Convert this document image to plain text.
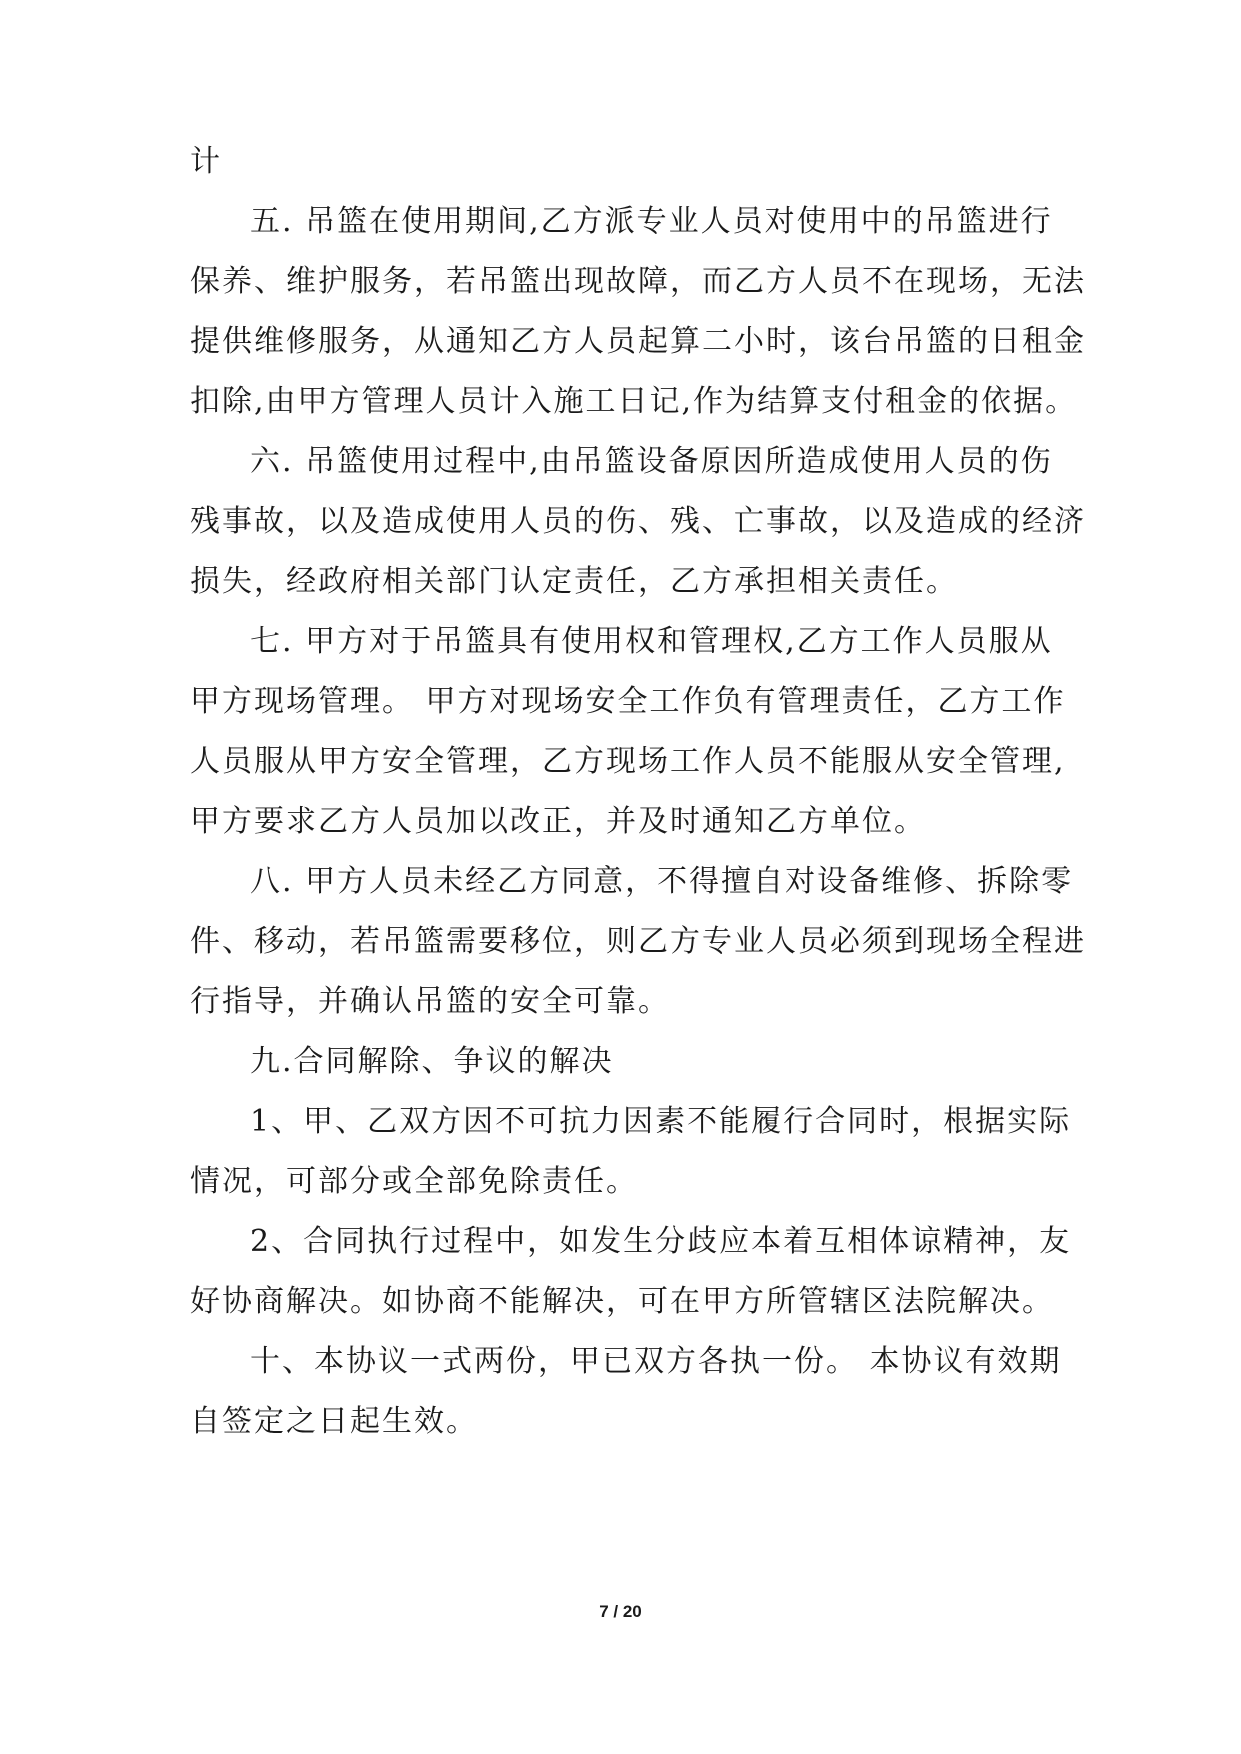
计
五. 吊篮在使用期间,乙方派专业人员对使用中的吊篮进行
保养、维护服务，若吊篮出现故障，而乙方人员不在现场，无法
提供维修服务，从通知乙方人员起算二小时，该台吊篮的日租金
扣除,由甲方管理人员计入施工日记,作为结算支付租金的依据。
六. 吊篮使用过程中,由吊篮设备原因所造成使用人员的伤
残事故，以及造成使用人员的伤、残、亡事故，以及造成的经济
损失，经政府相关部门认定责任，乙方承担相关责任。
七. 甲方对于吊篮具有使用权和管理权,乙方工作人员服从
甲方现场管理。 甲方对现场安全工作负有管理责任，乙方工作
人员服从甲方安全管理，乙方现场工作人员不能服从安全管理,
甲方要求乙方人员加以改正，并及时通知乙方单位。
八. 甲方人员未经乙方同意，不得擅自对设备维修、拆除零
件、移动，若吊篮需要移位，则乙方专业人员必须到现场全程进
行指导，并确认吊篮的安全可靠。
九.合同解除、争议的解决
1、甲、乙双方因不可抗力因素不能履行合同时，根据实际
情况，可部分或全部免除责任。
2、合同执行过程中，如发生分歧应本着互相体谅精神，友
好协商解决。如协商不能解决，可在甲方所管辖区法院解决。
十、本协议一式两份，甲已双方各执一份。 本协议有效期
自签定之日起生效。
7 / 20
